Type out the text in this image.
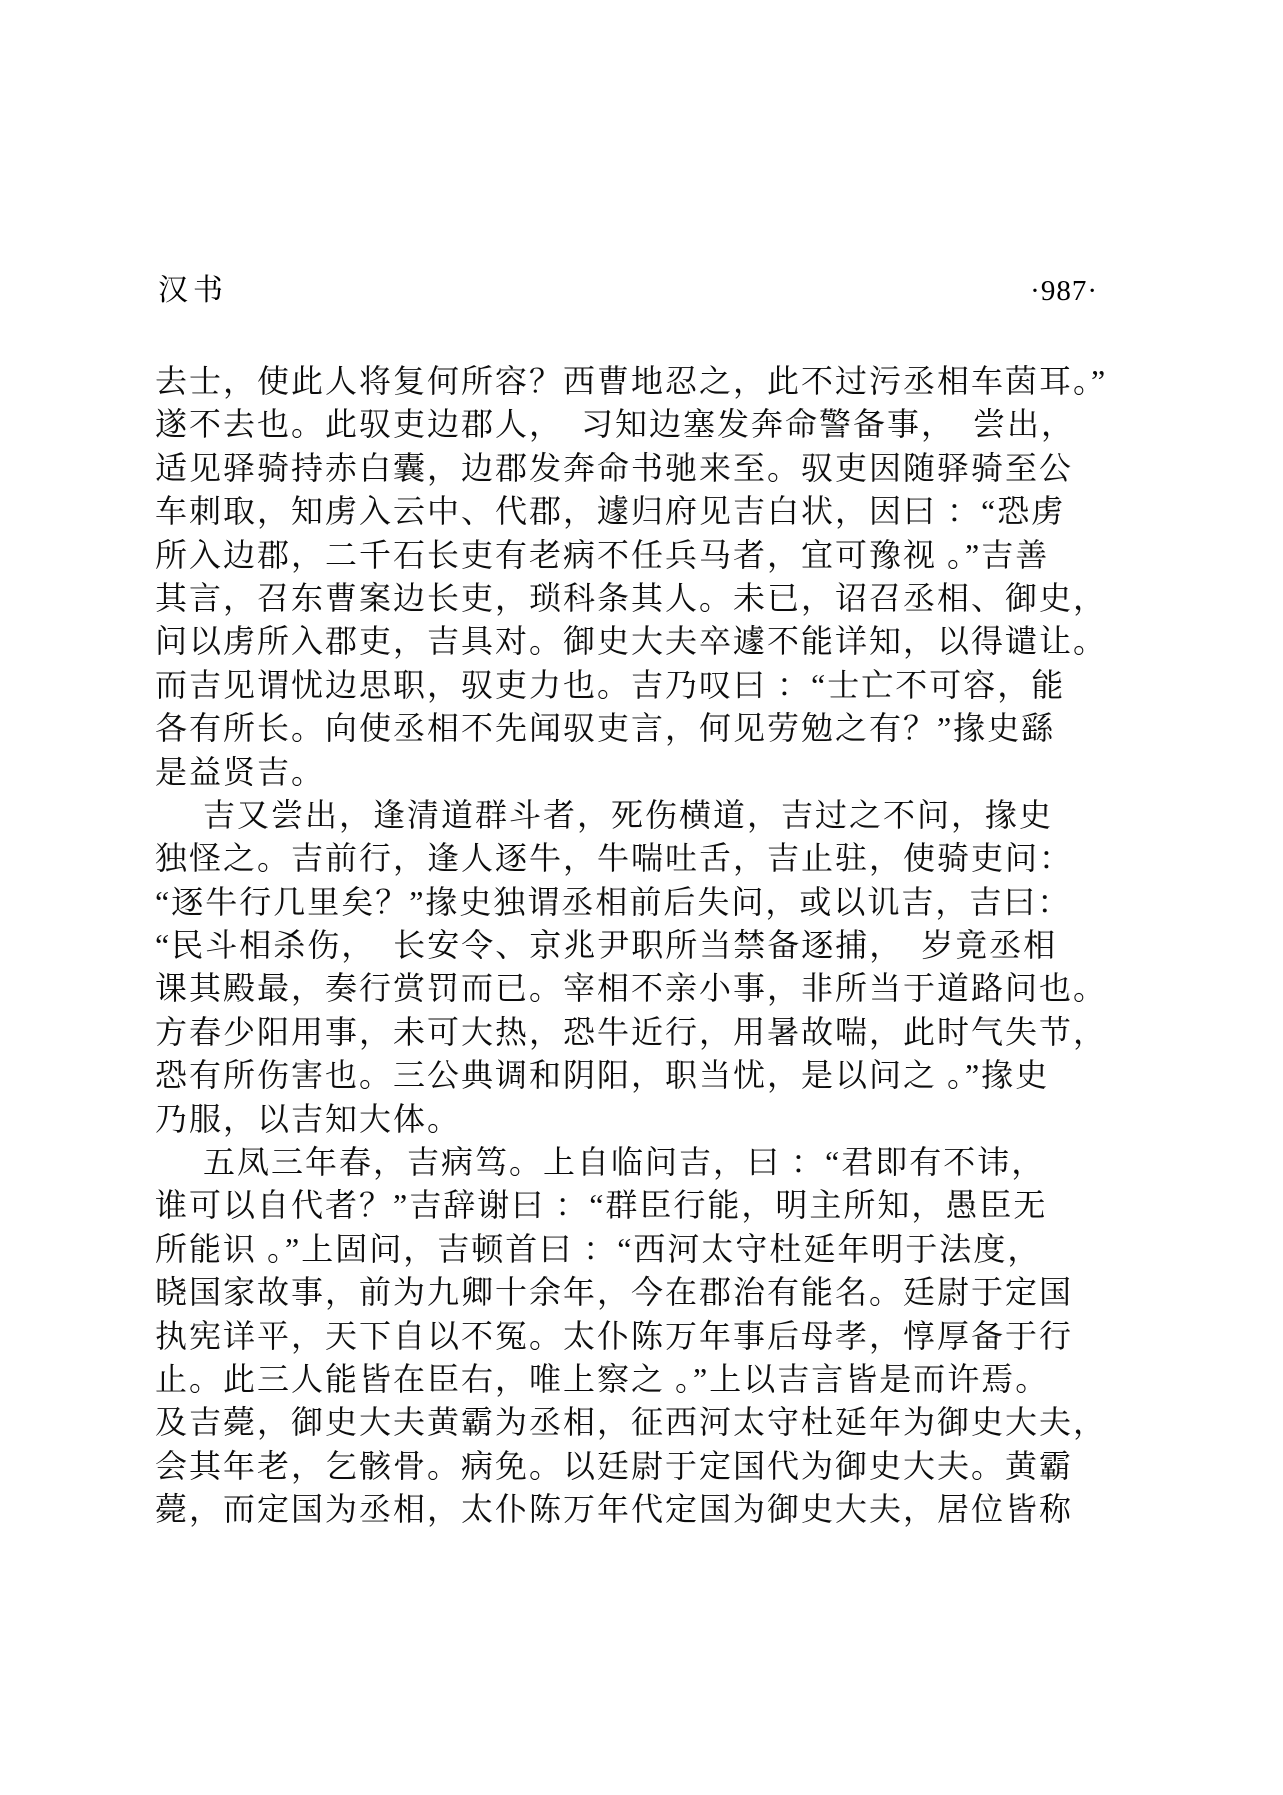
汉书	·987·
去士，使此人将复何所容？西曹地忍之，此不过污丞相车茵耳。”
遂不去也。此驭吏边郡人，　习知边塞发奔命警备事，　尝出，
适见驿骑持赤白囊，边郡发奔命书驰来至。驭吏因随驿骑至公
车刺取，知虏入云中、代郡，遽归府见吉白状，因曰 ：“恐虏
所入边郡，二千石长吏有老病不任兵马者，宜可豫视 。”吉善
其言，召东曹案边长吏，琐科条其人。未已，诏召丞相、御史，
问以虏所入郡吏，吉具对。御史大夫卒遽不能详知，以得谴让。
而吉见谓忧边思职，驭吏力也。吉乃叹曰 ：“士亡不可容，能
各有所长。向使丞相不先闻驭吏言，何见劳勉之有？”掾史繇
是益贤吉。
吉又尝出，逢清道群斗者，死伤横道，吉过之不问，掾史
独怪之。吉前行，逢人逐牛，牛喘吐舌，吉止驻，使骑吏问：
“逐牛行几里矣？”掾史独谓丞相前后失问，或以讥吉，吉曰：
“民斗相杀伤，　长安令、京兆尹职所当禁备逐捕，　岁竟丞相
课其殿最，奏行赏罚而已。宰相不亲小事，非所当于道路问也。
方春少阳用事，未可大热，恐牛近行，用暑故喘，此时气失节，
恐有所伤害也。三公典调和阴阳，职当忧，是以问之 。”掾史
乃服，以吉知大体。
五凤三年春，吉病笃。上自临问吉，曰 ：“君即有不讳，
谁可以自代者？”吉辞谢曰 ：“群臣行能，明主所知，愚臣无
所能识 。”上固问，吉顿首曰 ：“西河太守杜延年明于法度，
晓国家故事，前为九卿十余年，今在郡治有能名。廷尉于定国
执宪详平，天下自以不冤。太仆陈万年事后母孝，惇厚备于行
止。此三人能皆在臣右，唯上察之 。”上以吉言皆是而许焉。
及吉薨，御史大夫黄霸为丞相，征西河太守杜延年为御史大夫，
会其年老，乞骸骨。病免。以廷尉于定国代为御史大夫。黄霸
薨，而定国为丞相，太仆陈万年代定国为御史大夫，居位皆称
